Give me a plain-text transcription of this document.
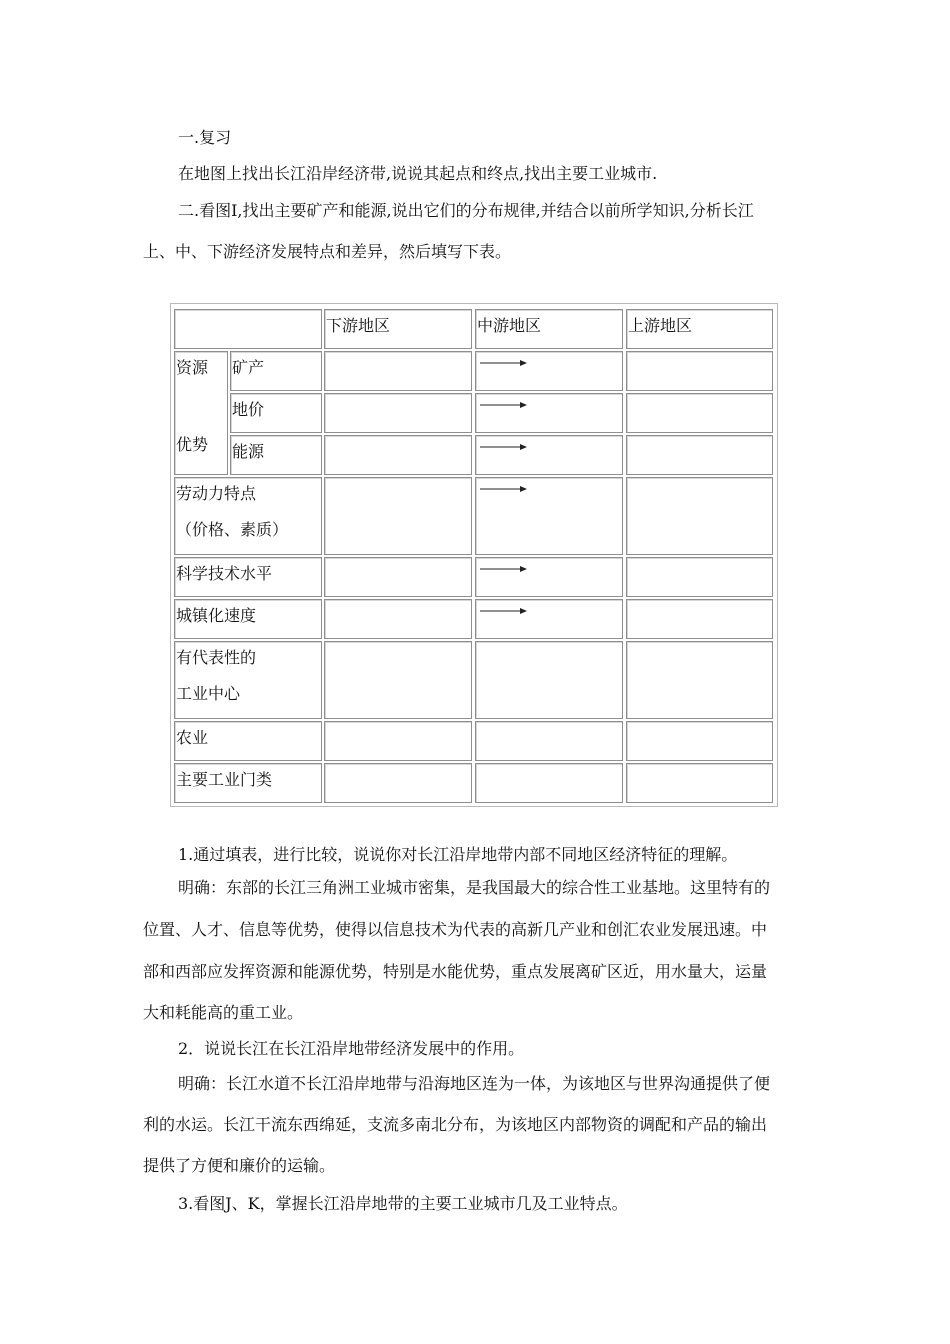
一.复习
在地图上找出长江沿岸经济带,说说其起点和终点,找出主要工业城市.
二.看图I,找出主要矿产和能源,说出它们的分布规律,并结合以前所学知识,分析长江
上、中、下游经济发展特点和差异，然后填写下表。
下游地区	中游地区	上游地区
资源
优势
矿产
地价
能源
劳动力特点
（价格、素质）
科学技术水平
城镇化速度
有代表性的
工业中心
农业
主要工业门类
1.通过填表，进行比较，说说你对长江沿岸地带内部不同地区经济特征的理解。
明确：东部的长江三角洲工业城市密集，是我国最大的综合性工业基地。这里特有的
位置、人才、信息等优势，使得以信息技术为代表的高新几产业和创汇农业发展迅速。中
部和西部应发挥资源和能源优势，特别是水能优势，重点发展离矿区近，用水量大，运量
大和耗能高的重工业。
2．说说长江在长江沿岸地带经济发展中的作用。
明确：长江水道不长江沿岸地带与沿海地区连为一体，为该地区与世界沟通提供了便
利的水运。长江干流东西绵延，支流多南北分布，为该地区内部物资的调配和产品的输出
提供了方便和廉价的运输。
3.看图J、K，掌握长江沿岸地带的主要工业城市几及工业特点。
